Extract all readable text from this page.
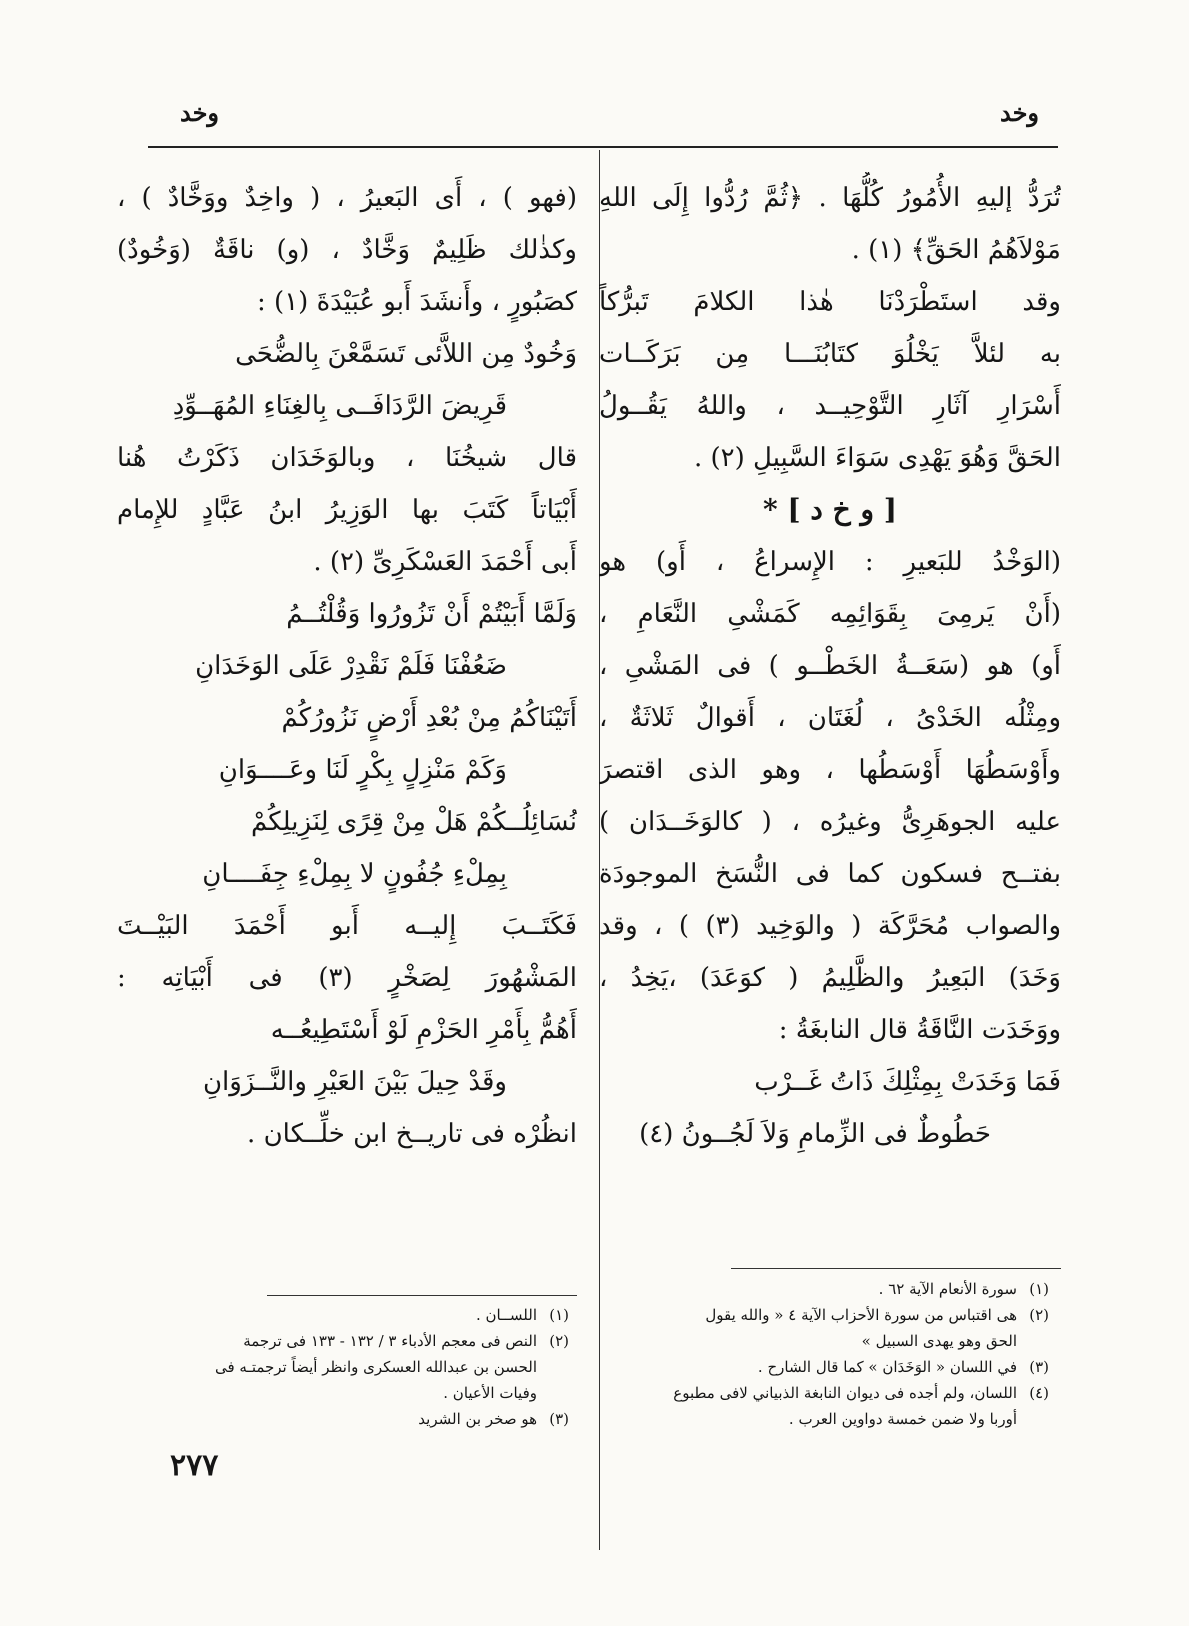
وخد
وخد
تُرَدُّ إليهِ الأُمُورُ كُلُّهَا . ﴿ثُمَّ رُدُّوا إِلَى اللهِ
مَوْلاَهُمُ الحَقِّ﴾ (١) .
وقد استَطْرَدْنَا هٰذا الكلامَ تَبرُّكاً
به لئلاَّ يَخْلُوَ كتَابُنَـــا مِن بَرَكَــات
أَسْرَارِ آثَارِ التَّوْحِيــد ، واللهُ يَقُــولُ
الحَقَّ وَهُوَ يَهْدِى سَوَاءَ السَّبِيلِ (٢) .
[ و خ د ] *
(الوَخْدُ للبَعيرِ : الإِسراعُ ، أَو) هو
(أَنْ يَرمِىَ بِقَوَائِمِه كَمَشْىِ النَّعَامِ ،
أَو) هو (سَعَــةُ الخَطْــو ) فى المَشْىِ ،
ومِثْلُه الخَدْىُ ، لُغَتَان ، أَقوالٌ ثَلاثَةٌ ،
وأَوْسَطُهَا أَوْسَطُها ، وهو الذى اقتصرَ
عليه الجوهَرِىُّ وغيرُه ، ( كالوَخَــدَان )
بفتــح فسكون كما فى النُّسَخ الموجودَة
والصواب مُحَرَّكَة ( والوَخِيد (٣) ) ، وقد
وَخَدَ) البَعِيرُ والظَّلِيمُ ( كوَعَدَ) ،يَخِدُ ،
ووَخَدَت النَّاقَةُ قال النابغَةُ :
فَمَا وَخَدَتْ بِمِثْلِكَ ذَاتُ غَــرْب
حَطُوطٌ فى الزِّمامِ وَلاَ لَجُــونُ (٤)
(فهو ) ، أَى البَعيرُ ، ( واخِدٌ ووَخَّادٌ ) ،
وكذٰلك ظَلِيمٌ وَخَّادٌ ، (و) ناقَةٌ (وَخُودٌ)
كصَبُورٍ ، وأَنشَدَ أَبو عُبَيْدَةَ (١) :
وَخُودٌ مِن اللاَّئى تَسَمَّعْنَ بِالضُّحَى
قَرِيضَ الرَّدَافَــى بِالغِنَاءِ المُهَــوِّدِ
قال شيخُنَا ، وبالوَخَدَان ذَكَرْتُ هُنا
أَبْيَاتاً كَتَبَ بها الوَزِيرُ ابنُ عَبَّادٍ للإِمام
أَبى أَحْمَدَ العَسْكَرِىِّ (٢) .
وَلَمَّا أَبَيْتُمْ أَنْ تَزُورُوا وَقُلْتُــمُ
ضَعُفْنَا فَلَمْ نَقْدِرْ عَلَى الوَخَدَانِ
أَتَيْنَاكُمُ مِنْ بُعْدِ أَرْضٍ نَزُورُكُمْ
وَكَمْ مَنْزِلٍ بِكْرٍ لَنَا وعَــــوَانِ
نُسَائِلُــكُمْ هَلْ مِنْ قِرًى لِنَزِيلِكُمْ
بِمِلْءِ جُفُونٍ لا بِمِلْءِ جِفَــــانِ
فَكَتَــبَ إِليــه أَبو أَحْمَدَ البَيْــتَ
المَشْهُورَ لِصَخْرٍ (٣) فى أَبْيَاتِه :
أَهُمُّ بِأَمْرِ الحَزْمِ لَوْ أَسْتَطِيعُــه
وقَدْ حِيلَ بَيْنَ العَيْرِ والنَّــزَوَانِ
انظُرْه فى تاريــخ ابن خلِّــكان .
(١)
سورة الأنعام الآية ٦٢ .
(٢)
هى اقتباس من سورة الأحزاب الآية ٤ « والله يقول
الحق وهو يهدى السبيل »
(٣)
في اللسان « الوَخَدَان » كما قال الشارح .
(٤)
اللسان، ولم أجده فى ديوان النابغة الذبياني لافى مطبوع
أوربا ولا ضمن خمسة دواوين العرب .
(١)
اللســان .
(٢)
النص فى معجم الأدباء ٣ / ١٣٢ - ١٣٣ فى ترجمة
الحسن بن عبدالله العسكرى وانظر أيضاً ترجمتـه فى
وفيات الأعيان .
(٣)
هو صخر بن الشريد
٢٧٧
